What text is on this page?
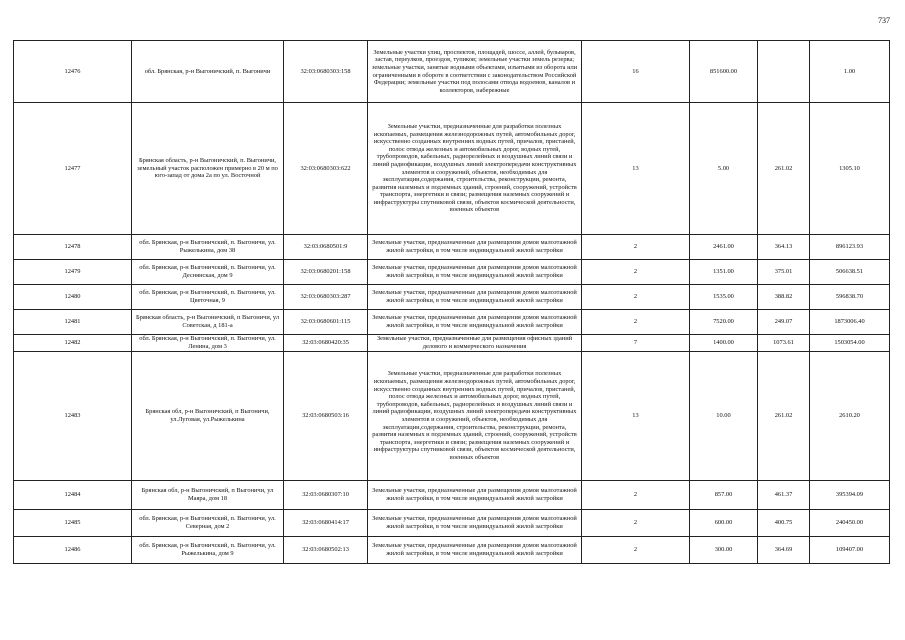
737
12476	обл. Брянская, р-н Выгоничский, п. Выгоничи	32:03:0680303:158	Земельные участки улиц, проспектов, площадей, шоссе, аллей, бульваров, застав, переулков, проездов, тупиков; земельные участки земель резерва; земельные участки, занятые водными объектами, изъятыми из оборота или ограниченными в обороте в соответствии с законодательством Российской Федерации; земельные участки под полосами отвода водоемов, каналов и коллекторов, набережные	16	851600.00		1.00
12477	Брянская область, р-н Выгоничский, п. Выгоничи, земельный участок расположен примерно в 20 м по юго-запад от дома 2а по ул. Восточной	32:03:0680303:622	Земельные участки, предназначенные для разработки полезных ископаемых, размещения железнодорожных путей, автомобильных дорог, искусственно созданных внутренних водных путей, причалов, пристаней, полос отвода железных и автомобильных дорог, водных путей, трубопроводов, кабельных, радиорелейных и воздушных линий связи и линий радиофикации, воздушных линий электропередачи конструктивных элементов и сооружений, объектов, необходимых для эксплуатации,содержания, строительства, реконструкции, ремонта, развития наземных и подземных зданий, строений, сооружений, устройств транспорта, энергетики и связи; размещения наземных сооружений и инфраструктуры спутниковой связи, объектов космической деятельности, военных объектов	13	5.00	261.02	1305.10
12478	обл. Брянская, р-н Выгоничский, п. Выгоничи, ул. Рыжелькина, дом 38	32:03:0680501:9	Земельные участки, предназначенные для размещения домов малоэтажной жилой застройки, в том числе индивидуальной жилой застройки	2	2461.00	364.13	896123.93
12479	обл. Брянская, р-н Выгоничский, п. Выгоничи, ул. Деснянская, дом 9	32:03:0680201:158	Земельные участки, предназначенные для размещения домов малоэтажной жилой застройки, в том числе индивидуальной жилой застройки	2	1351.00	375.01	506638.51
12480	обл. Брянская, р-н Выгоничский, п. Выгоничи, ул. Цветочная, 9	32:03:0680303:287	Земельные участки, предназначенные для размещения домов малоэтажной жилой застройки, в том числе индивидуальной жилой застройки	2	1535.00	388.82	596838.70
12481	Брянская область, р-н Выгоничский, п Выгоничи, ул Советская, д 181-а	32:03:0680601:115	Земельные участки, предназначенные для размещения домов малоэтажной жилой застройки, в том числе индивидуальной жилой застройки	2	7520.00	249.07	1873006.40
12482	обл. Брянская, р-н Выгоничский, п. Выгоничи, ул. Ленина, дом 3	32:03:0680420:35	Земельные участки, предназначенные для размещения офисных зданий делового и коммерческого назначения	7	1400.00	1073.61	1503054.00
12483	Брянская обл, р-н Выгоничский, п Выгоничи, ул.Луговая, ул.Рыжелькина	32:03:0680503:16	Земельные участки, предназначенные для разработки полезных ископаемых, размещения железнодорожных путей, автомобильных дорог, искусственно созданных внутренних водных путей, причалов, пристаней, полос отвода железных и автомобильных дорог, водных путей, трубопроводов, кабельных, радиорелейных и воздушных линий связи и линий радиофикации, воздушных линий электропередачи конструктивных элементов и сооружений, объектов, необходимых для эксплуатации,содержания, строительства, реконструкции, ремонта, развития наземных и подземных зданий, строений, сооружений, устройств транспорта, энергетики и связи; размещения наземных сооружений и инфраструктуры спутниковой связи, объектов космической деятельности, военных объектов	13	10.00	261.02	2610.20
12484	Брянская обл, р-н Выгоничский, п Выгоничи, ул Маяра, дом 18	32:03:0680307:10	Земельные участки, предназначенные для размещения домов малоэтажной жилой застройки, в том числе индивидуальной жилой застройки	2	857.00	461.37	395394.09
12485	обл. Брянская, р-н Выгоничский, п. Выгоничи, ул. Северная, дом 2	32:03:0680414:17	Земельные участки, предназначенные для размещения домов малоэтажной жилой застройки, в том числе индивидуальной жилой застройки	2	600.00	400.75	240450.00
12486	обл. Брянская, р-н Выгоничский, п. Выгоничи, ул. Рыжелькина, дом 9	32:03:0680502:13	Земельные участки, предназначенные для размещения домов малоэтажной жилой застройки, в том числе индивидуальной жилой застройки	2	300.00	364.69	109407.00
